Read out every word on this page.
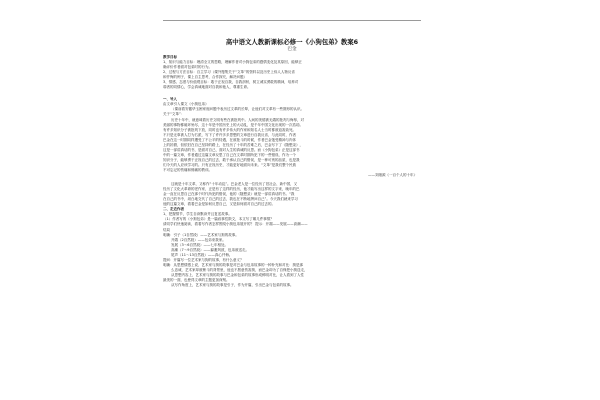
高中语文人教新课标必修一《小狗包弟》教案6
巴金
教学目标
1、知识与能力目标：理清全文的思路，理解作者对小狗包弟的感情变化及其原因，能够正
确评价作者面对包弟时的行为。
2、过程与方法目标：自主学习（课外搜集关于“文革”的资料以及历史上伟人人物反省
和忏悔的例子，课上自主思考，合作探究，解决问题）
3、情感、态度与价值观目标：敢于正视自我，自我剖析，树立诚实勇敢的精神，培养对
弱者的同情心，学会真诚地面对自我和他人，尊重生命。
一、导入
由文章引入课文《小狗包弟》
（课前看安徽华玉困家庭问题中表历过文革的长辈，让他们对文革有一些图形的认识。
关于“文革”：
历史十年中，就意味着历史文明有些在被批判中。人间的美德被无端的批判与侮辱，对
美丽的事物都破坏殆尽，这十年是中国历史上的大动乱，是千年中国文化出现的一次浩劫。
有许多知识分子被批判下放，同时也有许多伟大的作家和知名人士当时都被迫害致死。
不只是无辜被人打为右派，写下了许许多多思想的文章进行自我反省，与此同时，作者
巴金在这一时期同样遭受了不公平的待遇，在被批斗的时候，作者巴金饱受精神与肉体
上的折磨，但依旧在自己坚持的路上，在经历了十年的苦难之后，巴金写下了《随想录》，
这是一部讲真话的书，是面对自己、面对人生的真诚的反思。而《小狗包弟》正是这部书
中的一篇文章，作者通过这篇文章反思了自己在文革时期所犯下的一些错误，作为一个
知识分子，能够勇于正视自己的过去，敢于承认自己的错误，是一种可贵的品质，也是我
们今天的人应该学习的。只有正视历史，才能更好地面向未来。“文革”是我们整个民族
不可忘记的伤痛和惨痛的教训。
——刘绪源《一百个人的十年》
这就是十年文革，又称作“十年动乱”。巴金老人是一位经历了旧社会、新中国，又
经历了文化大革命的老作家，正是有了这样的经历，他才能写出这样的文字来，晚年的巴
金一直在反思自己在那个时代所犯的错误，他的《随想录》就是一部讲真话的书。“我
在自己的书中，坦白地交代了自己的过去，我也在不断地拷问自己”。今天我们就来学习
他的这篇文章，看看巴金是如何反思自己，又是如何面对自己的过去的。
二、走近作者
1、把握情节，学生自读默读并且复述故事。
（1）作者写的《小狗包弟》是一篇叙事性散文，本文写了哪几件事情？
请同学们快速阅读，看看写作者怎样围绕小狗包弟展开的？ 提示：开端——发展——高潮——
结局
明确：引子（1自然段）——艺术家与狗的故事。
开端（2自然段）——包弟来我家。
发展（3～6自然段）——七年相处。
高潮（7～9自然段）——躲避风波，包弟被送走。
尾声（11～13自然段）——真心忏悔。
提问：开篇写一位艺术家与狗的故事，有什么意义？
明确：从思想情感上说，艺术家与狗的故事是对巴金与包弟故事的一种补充和对比：狗是那
么忠诚，艺术家却被揪斗的背景里，他也不愿意伤害狗，而巴金却为了自保把小狗送走，
从思想内容上，艺术家与狗的故事与巴金和包弟的故事形成鲜明对比，让人看到了人性
最美的一面，也使得文章的主题更加深刻。
从写作角度上，艺术家与狗的故事是引子，作为开篇，引出巴金与包弟的故事。
